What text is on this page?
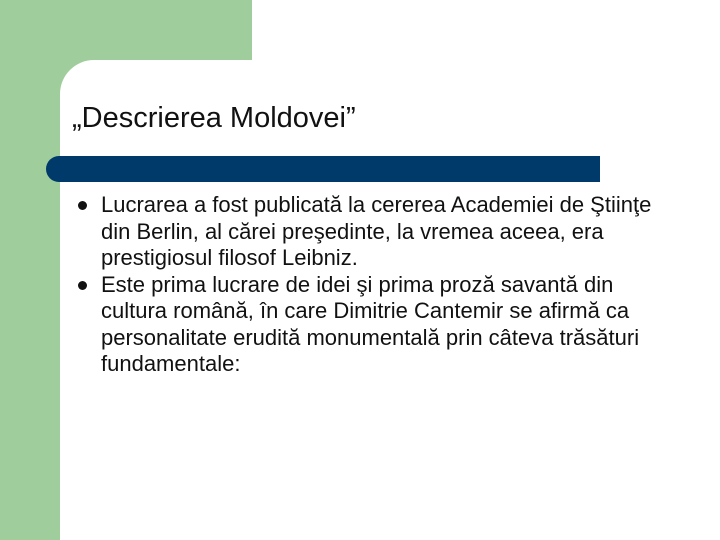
„Descrierea Moldovei”
Lucrarea a fost publicată la cererea Academiei de Ştiinţe din Berlin, al cărei preşedinte, la vremea aceea, era prestigiosul filosof Leibniz.
Este prima lucrare de idei şi prima proză savantă din cultura română, în care Dimitrie Cantemir se afirmă ca personalitate erudită monumentală prin câteva trăsături fundamentale:
